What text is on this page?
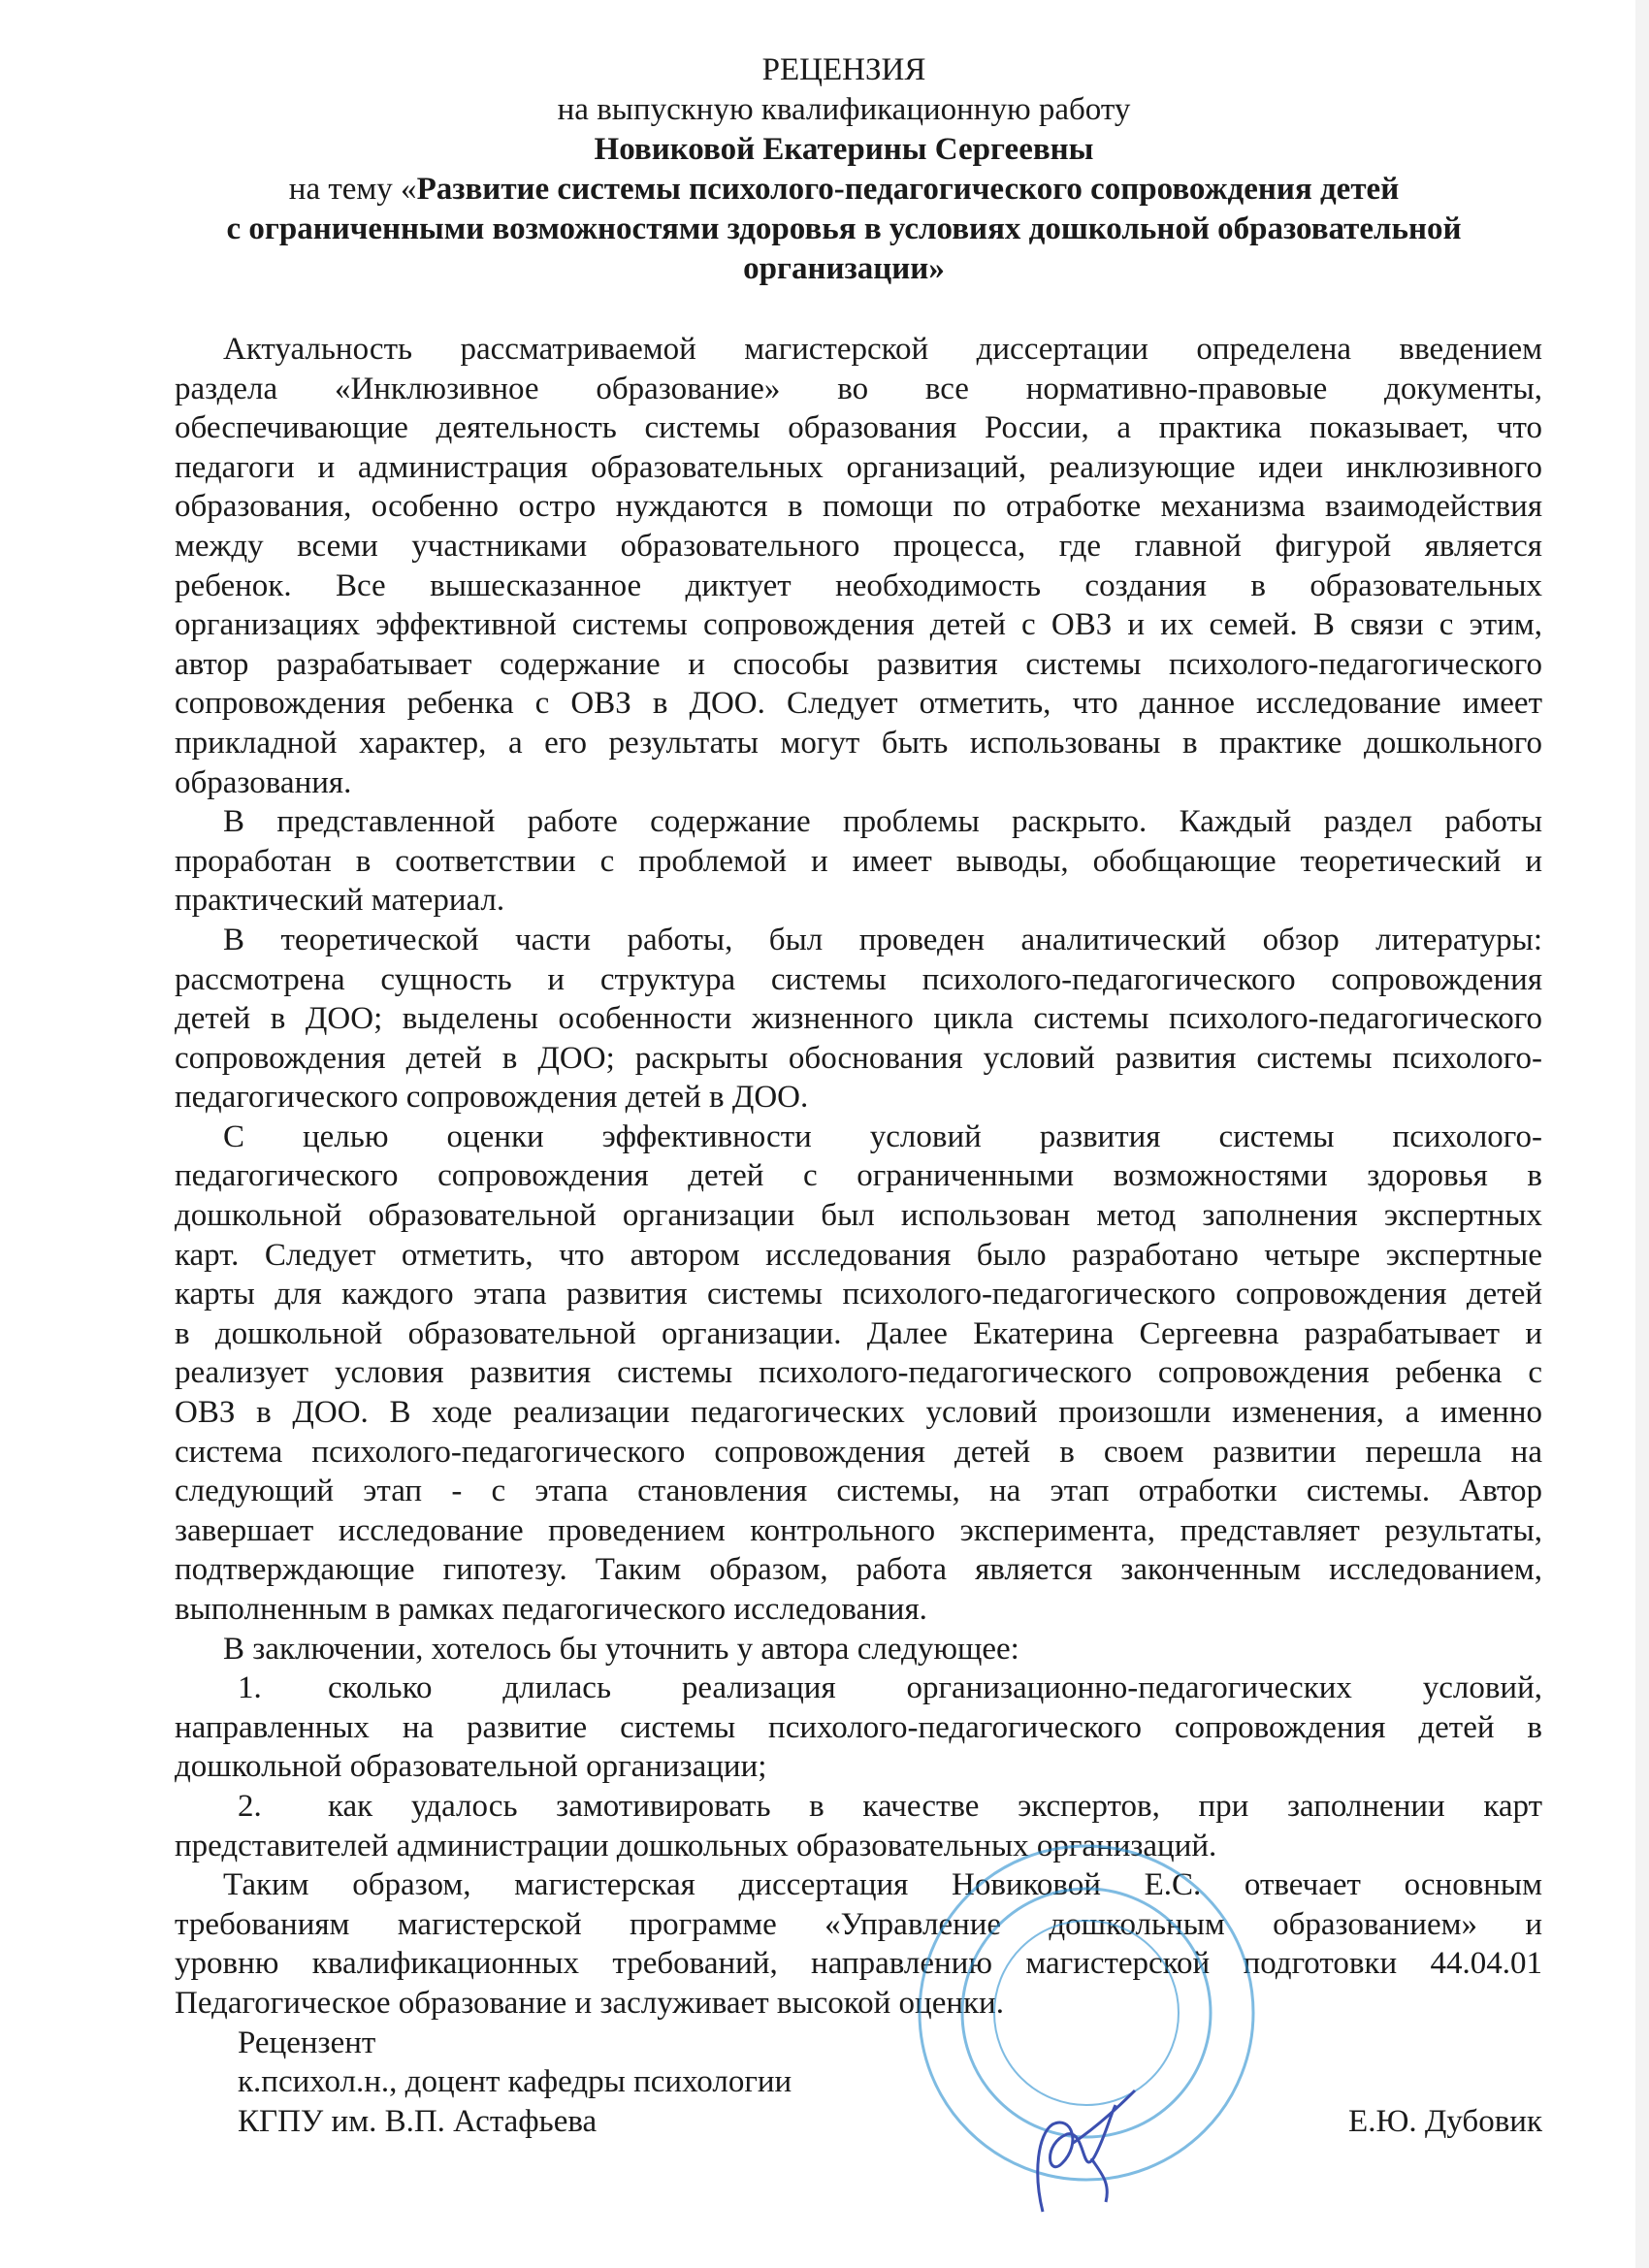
РЕЦЕНЗИЯ
на выпускную квалификационную работу
Новиковой Екатерины Сергеевны
на тему «Развитие системы психолого-педагогического сопровождения детей
с ограниченными возможностями здоровья в условиях дошкольной образовательной
организации»
Актуальность рассматриваемой магистерской диссертации определена введением
раздела «Инклюзивное образование» во все нормативно-правовые документы,
обеспечивающие деятельность системы образования России, а практика показывает, что
педагоги и администрация образовательных организаций, реализующие идеи инклюзивного
образования, особенно остро нуждаются в помощи по отработке механизма взаимодействия
между всеми участниками образовательного процесса, где главной фигурой является
ребенок. Все вышесказанное диктует необходимость создания в образовательных
организациях эффективной системы сопровождения детей с ОВЗ и их семей. В связи с этим,
автор разрабатывает содержание и способы развития системы психолого-педагогического
сопровождения ребенка с ОВЗ в ДОО. Следует отметить, что данное исследование имеет
прикладной характер, а его результаты могут быть использованы в практике дошкольного
образования.
В представленной работе содержание проблемы раскрыто. Каждый раздел работы
проработан в соответствии с проблемой и имеет выводы, обобщающие теоретический и
практический материал.
В теоретической части работы, был проведен аналитический обзор литературы:
рассмотрена сущность и структура системы психолого-педагогического сопровождения
детей в ДОО; выделены особенности жизненного цикла системы психолого-педагогического
сопровождения детей в ДОО; раскрыты обоснования условий развития системы психолого-
педагогического сопровождения детей в ДОО.
С целью оценки эффективности условий развития системы психолого-
педагогического сопровождения детей с ограниченными возможностями здоровья в
дошкольной образовательной организации был использован метод заполнения экспертных
карт. Следует отметить, что автором исследования было разработано четыре экспертные
карты для каждого этапа развития системы психолого-педагогического сопровождения детей
в дошкольной образовательной организации. Далее Екатерина Сергеевна разрабатывает и
реализует условия развития системы психолого-педагогического сопровождения ребенка с
ОВЗ в ДОО. В ходе реализации педагогических условий произошли изменения, а именно
система психолого-педагогического сопровождения детей в своем развитии перешла на
следующий этап - с этапа становления системы, на этап отработки системы. Автор
завершает исследование проведением контрольного эксперимента, представляет результаты,
подтверждающие гипотезу. Таким образом, работа является законченным исследованием,
выполненным в рамках педагогического исследования.
В заключении, хотелось бы уточнить у автора следующее:
1.	сколько длилась реализация организационно-педагогических условий,
направленных на развитие системы психолого-педагогического сопровождения детей в
дошкольной образовательной организации;
2.	как удалось замотивировать в качестве экспертов, при заполнении карт
представителей администрации дошкольных образовательных организаций.
Таким образом, магистерская диссертация Новиковой Е.С. отвечает основным
требованиям магистерской программе «Управление дошкольным образованием» и
уровню квалификационных требований, направлению магистерской подготовки 44.04.01
Педагогическое образование и заслуживает высокой оценки.
Рецензент
к.психол.н., доцент кафедры психологии
КГПУ им. В.П. Астафьева	Е.Ю. Дубовик
